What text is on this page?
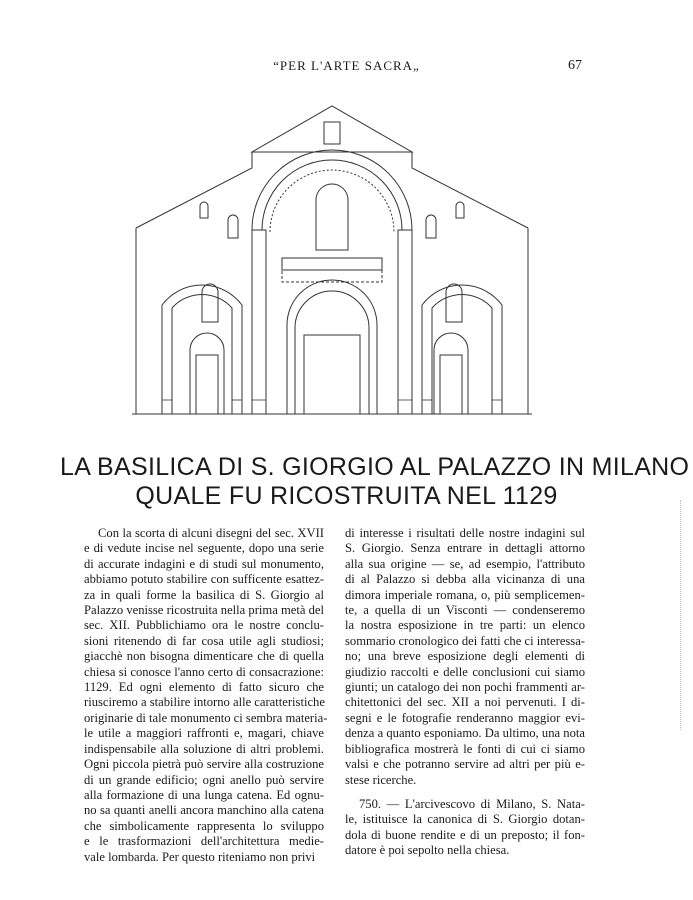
“PER L'ARTE SACRA„	67
LA BASILICA DI S. GIORGIO AL PALAZZO IN MILANO
QUALE FU RICOSTRUITA NEL 1129
Con la scorta di alcuni disegni del sec. XVII
e di vedute incise nel seguente, dopo una serie
di accurate indagini e di studi sul monumento,
abbiamo potuto stabilire con sufficente esattez-
za in quali forme la basilica di S. Giorgio al
Palazzo venisse ricostruita nella prima metà del
sec. XII. Pubblichiamo ora le nostre conclu-
sioni ritenendo di far cosa utile agli studiosi;
giacchè non bisogna dimenticare che di quella
chiesa si conosce l'anno certo di consacrazione:
1129. Ed ogni elemento di fatto sicuro che
riusciremo a stabilire intorno alle caratteristiche
originarie di tale monumento ci sembra materia-
le utile a maggiori raffronti e, magari, chiave
indispensabile alla soluzione di altri problemi.
Ogni piccola pietrà può servire alla costruzione
di un grande edificio; ogni anello può servire
alla formazione di una lunga catena. Ed ognu-
no sa quanti anelli ancora manchino alla catena
che simbolicamente rappresenta lo sviluppo
e le trasformazioni dell'architettura medie-
vale lombarda. Per questo riteniamo non privi
di interesse i risultati delle nostre indagini sul
S. Giorgio. Senza entrare in dettagli attorno
alla sua origine — se, ad esempio, l'attributo
di al Palazzo si debba alla vicinanza di una
dimora imperiale romana, o, più semplicemen-
te, a quella di un Visconti — condenseremo
la nostra esposizione in tre parti: un elenco
sommario cronologico dei fatti che ci interessa-
no; una breve esposizione degli elementi di
giudizio raccolti e delle conclusioni cui siamo
giunti; un catalogo dei non pochi frammenti ar-
chitettonici del sec. XII a noi pervenuti. I di-
segni e le fotografie renderanno maggior evi-
denza a quanto esponiamo. Da ultimo, una nota
bibliografica mostrerà le fonti di cui ci siamo
valsi e che potranno servire ad altri per più e-
stese ricerche.
750. — L'arcivescovo di Milano, S. Nata-
le, istituisce la canonica di S. Giorgio dotan-
dola di buone rendite e di un preposto; il fon-
datore è poi sepolto nella chiesa.
